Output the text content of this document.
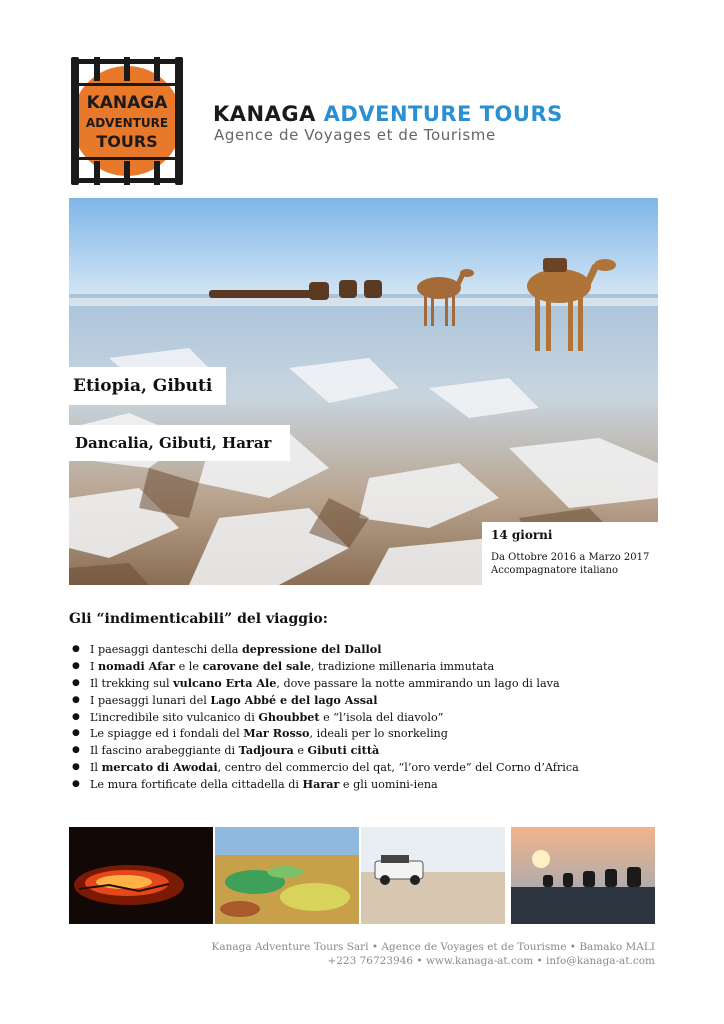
KANAGA
ADVENTURE
TOURS
KANAGA ADVENTURE TOURS
Agence de Voyages et de Tourisme
Etiopia, Gibuti
Dancalia, Gibuti, Harar
14 giorni
Da Ottobre 2016 a Marzo 2017
Accompagnatore italiano
Gli “indimenticabili” del viaggio:
● I paesaggi danteschi della depressione del Dallol
● I nomadi Afar e le carovane del sale, tradizione millenaria immutata
● Il trekking sul vulcano Erta Ale, dove passare la notte ammirando un lago di lava
● I paesaggi lunari del Lago Abbé e del lago Assal
● L’incredibile sito vulcanico di Ghoubbet e “l’isola del diavolo”
● Le spiagge ed i fondali del Mar Rosso, ideali per lo snorkeling
● Il fascino arabeggiante di Tadjoura e Gibuti città
● Il mercato di Awodai, centro del commercio del qat, “l’oro verde” del Corno d’Africa
● Le mura fortificate della cittadella di Harar e gli uomini-iena
Kanaga Adventure Tours Sarl • Agence de Voyages et de Tourisme • Bamako MALI
+223 76723946 • www.kanaga-at.com • info@kanaga-at.com
